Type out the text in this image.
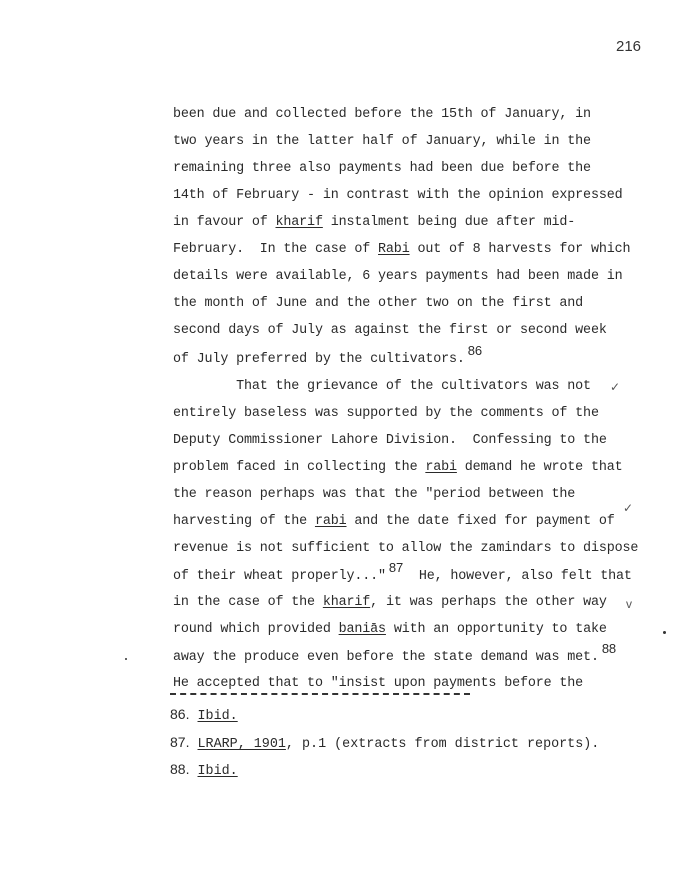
216
been due and collected before the 15th of January, in
two years in the latter half of January, while in the
remaining three also payments had been due before the
14th of February - in contrast with the opinion expressed
in favour of kharif instalment being due after mid-
February.  In the case of Rabi out of 8 harvests for which
details were available, 6 years payments had been made in
the month of June and the other two on the first and
second days of July as against the first or second week
of July preferred by the cultivators.$^{86}$
That the grievance of the cultivators was not
entirely baseless was supported by the comments of the
Deputy Commissioner Lahore Division.  Confessing to the
problem faced in collecting the rabi demand he wrote that
the reason perhaps was that the "period between the
harvesting of the rabi and the date fixed for payment of
revenue is not sufficient to allow the zamindars to dispose
of their wheat properly..."$^{87}$  He, however, also felt that
in the case of the kharif, it was perhaps the other way
round which provided baniās with an opportunity to take
away the produce even before the state demand was met.$^{88}$
He accepted that to "insist upon payments before the
✓
✓
v
86. Ibid.
87. LRARP, 1901, p.1 (extracts from district reports).
88. Ibid.
